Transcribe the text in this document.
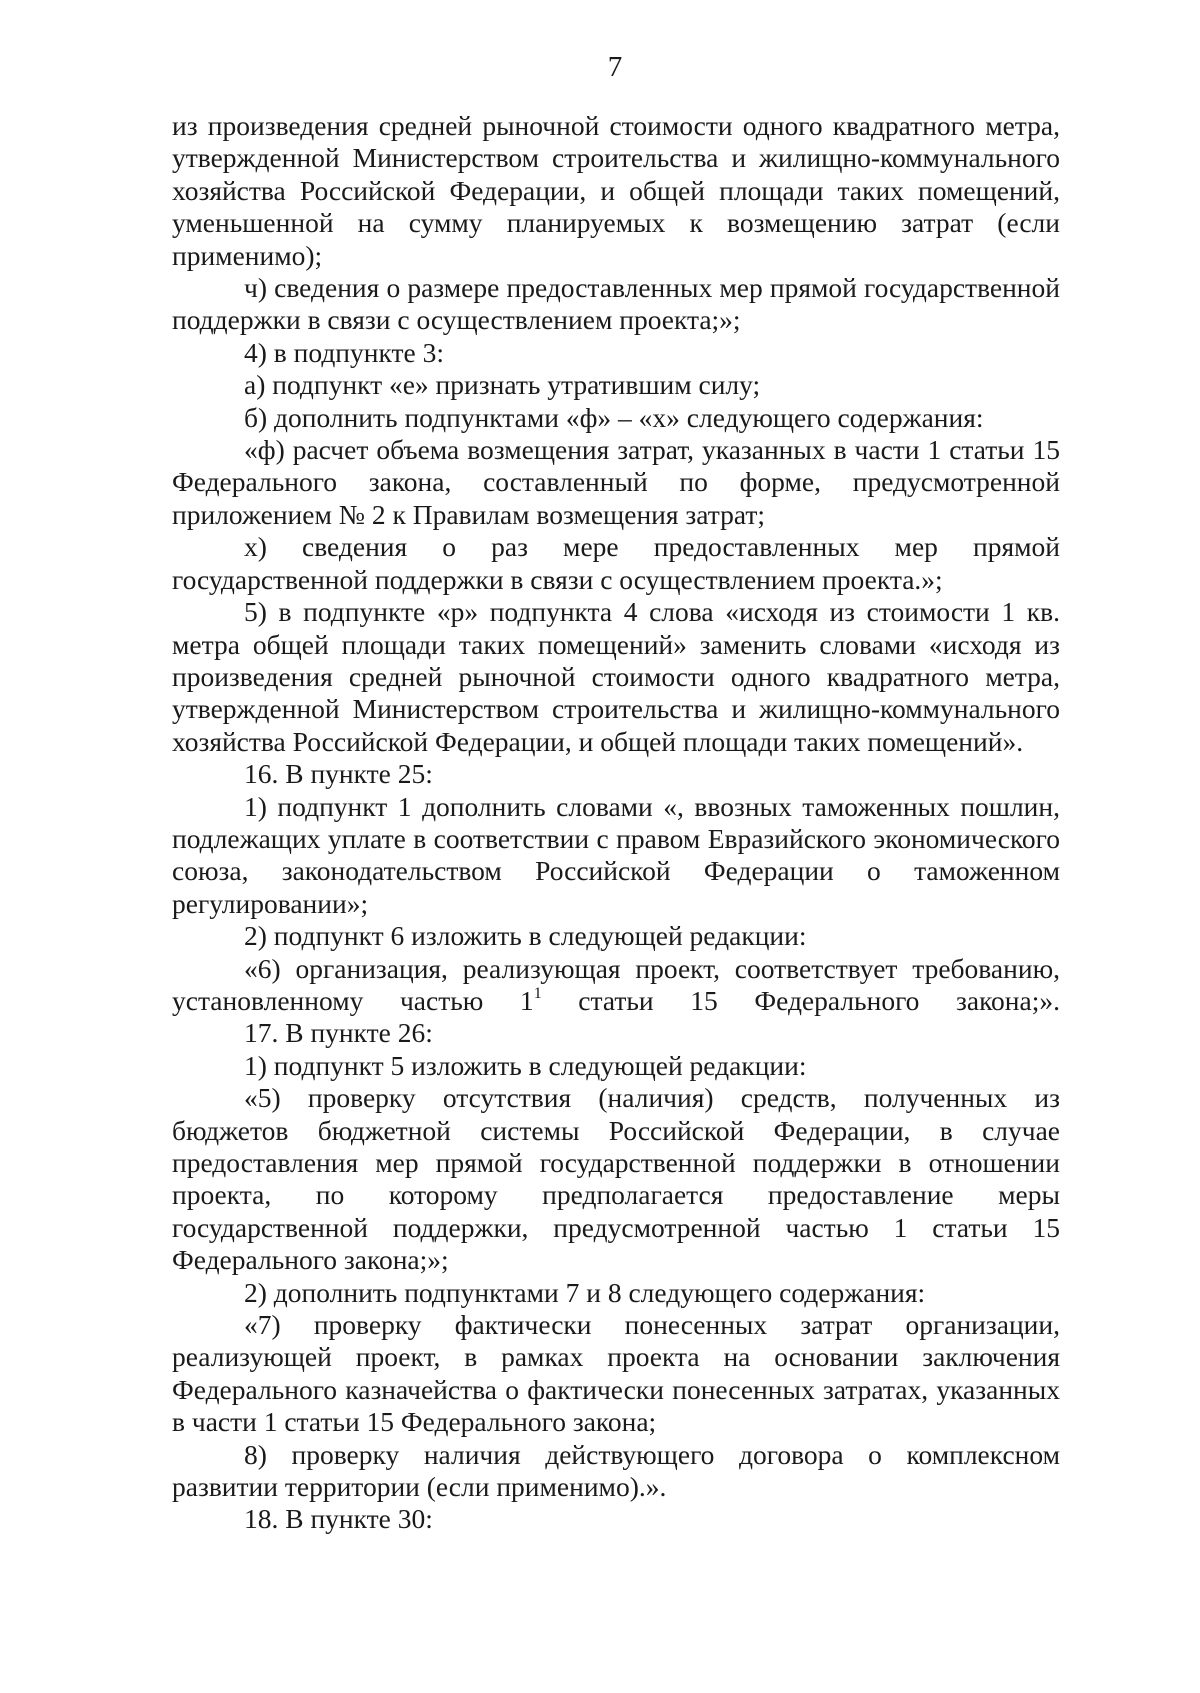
7

из произведения средней рыночной стоимости одного квадратного метра, утвержденной Министерством строительства и жилищно-коммунального хозяйства Российской Федерации, и общей площади таких помещений, уменьшенной на сумму планируемых к возмещению затрат (если применимо);

ч) сведения о размере предоставленных мер прямой государственной поддержки в связи с осуществлением проекта;»;

4) в подпункте 3:

а) подпункт «е» признать утратившим силу;

б) дополнить подпунктами «ф» – «х» следующего содержания:

«ф) расчет объема возмещения затрат, указанных в части 1 статьи 15 Федерального закона, составленный по форме, предусмотренной приложением № 2 к Правилам возмещения затрат;

х) сведения о раз мере предоставленных мер прямой государственной поддержки в связи с осуществлением проекта.»;

5) в подпункте «р» подпункта 4 слова «исходя из стоимости 1 кв. метра общей площади таких помещений» заменить словами «исходя из произведения средней рыночной стоимости одного квадратного метра, утвержденной Министерством строительства и жилищно-коммунального хозяйства Российской Федерации, и общей площади таких помещений».

16. В пункте 25:

1) подпункт 1 дополнить словами «, ввозных таможенных пошлин, подлежащих уплате в соответствии с правом Евразийского экономического союза, законодательством Российской Федерации о таможенном регулировании»;

2) подпункт 6 изложить в следующей редакции:

«6) организация, реализующая проект, соответствует требованию, установленному частью $1^1$ статьи 15 Федерального закона;».

17. В пункте 26:

1) подпункт 5 изложить в следующей редакции:

«5) проверку отсутствия (наличия) средств, полученных из бюджетов бюджетной системы Российской Федерации, в случае предоставления мер прямой государственной поддержки в отношении проекта, по которому предполагается предоставление меры государственной поддержки, предусмотренной частью 1 статьи 15 Федерального закона;»;

2) дополнить подпунктами 7 и 8 следующего содержания:

«7) проверку фактически понесенных затрат организации, реализующей проект, в рамках проекта на основании заключения Федерального казначейства о фактически понесенных затратах, указанных в части 1 статьи 15 Федерального закона;

8) проверку наличия действующего договора о комплексном развитии территории (если применимо).».

18. В пункте 30:
